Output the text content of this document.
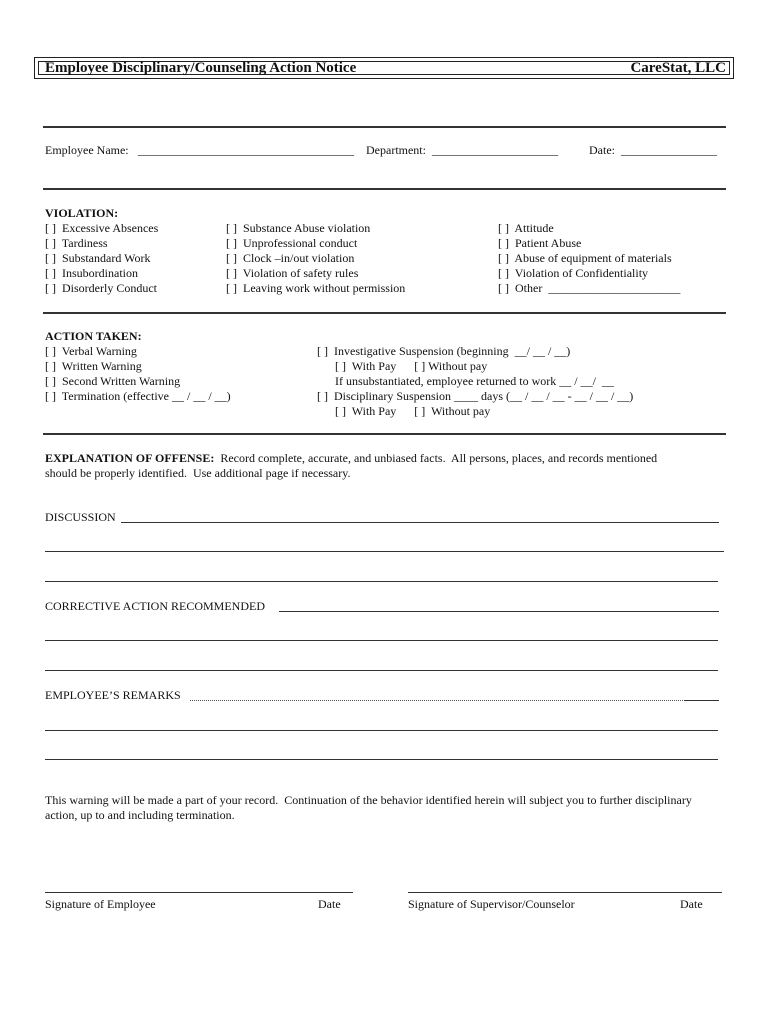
Employee Disciplinary/Counseling Action Notice	CareStat, LLC
Employee Name: ____________________________________ Department: _____________________	Date: ________________
VIOLATION:
[ ]  Excessive Absences
[ ]  Tardiness
[ ]  Substandard Work
[ ]  Insubordination
[ ]  Disorderly Conduct
[ ]  Substance Abuse violation
[ ]  Unprofessional conduct
[ ]  Clock –in/out violation
[ ]  Violation of safety rules
[ ]  Leaving work without permission
[ ]  Attitude
[ ]  Patient Abuse
[ ]  Abuse of equipment of materials
[ ]  Violation of Confidentiality
[ ]  Other  ______________________
ACTION TAKEN:
[ ]  Verbal Warning
[ ]  Written Warning
[ ]  Second Written Warning
[ ]  Termination (effective __ / __ / __)
[ ]  Investigative Suspension (beginning  __/ __ / __)
[ ]  With Pay      [ ] Without pay
If unsubstantiated, employee returned to work __ / __/  __
[ ]  Disciplinary Suspension ____ days (__ / __ / __ - __ / __ / __)
[ ]  With Pay      [ ]  Without pay
EXPLANATION OF OFFENSE:  Record complete, accurate, and unbiased facts.  All persons, places, and records mentioned
should be properly identified.  Use additional page if necessary.
DISCUSSION
CORRECTIVE ACTION RECOMMENDED
EMPLOYEE’S REMARKS
This warning will be made a part of your record.  Continuation of the behavior identified herein will subject you to further disciplinary
action, up to and including termination.
Signature of Employee	Date	Signature of Supervisor/Counselor	Date
